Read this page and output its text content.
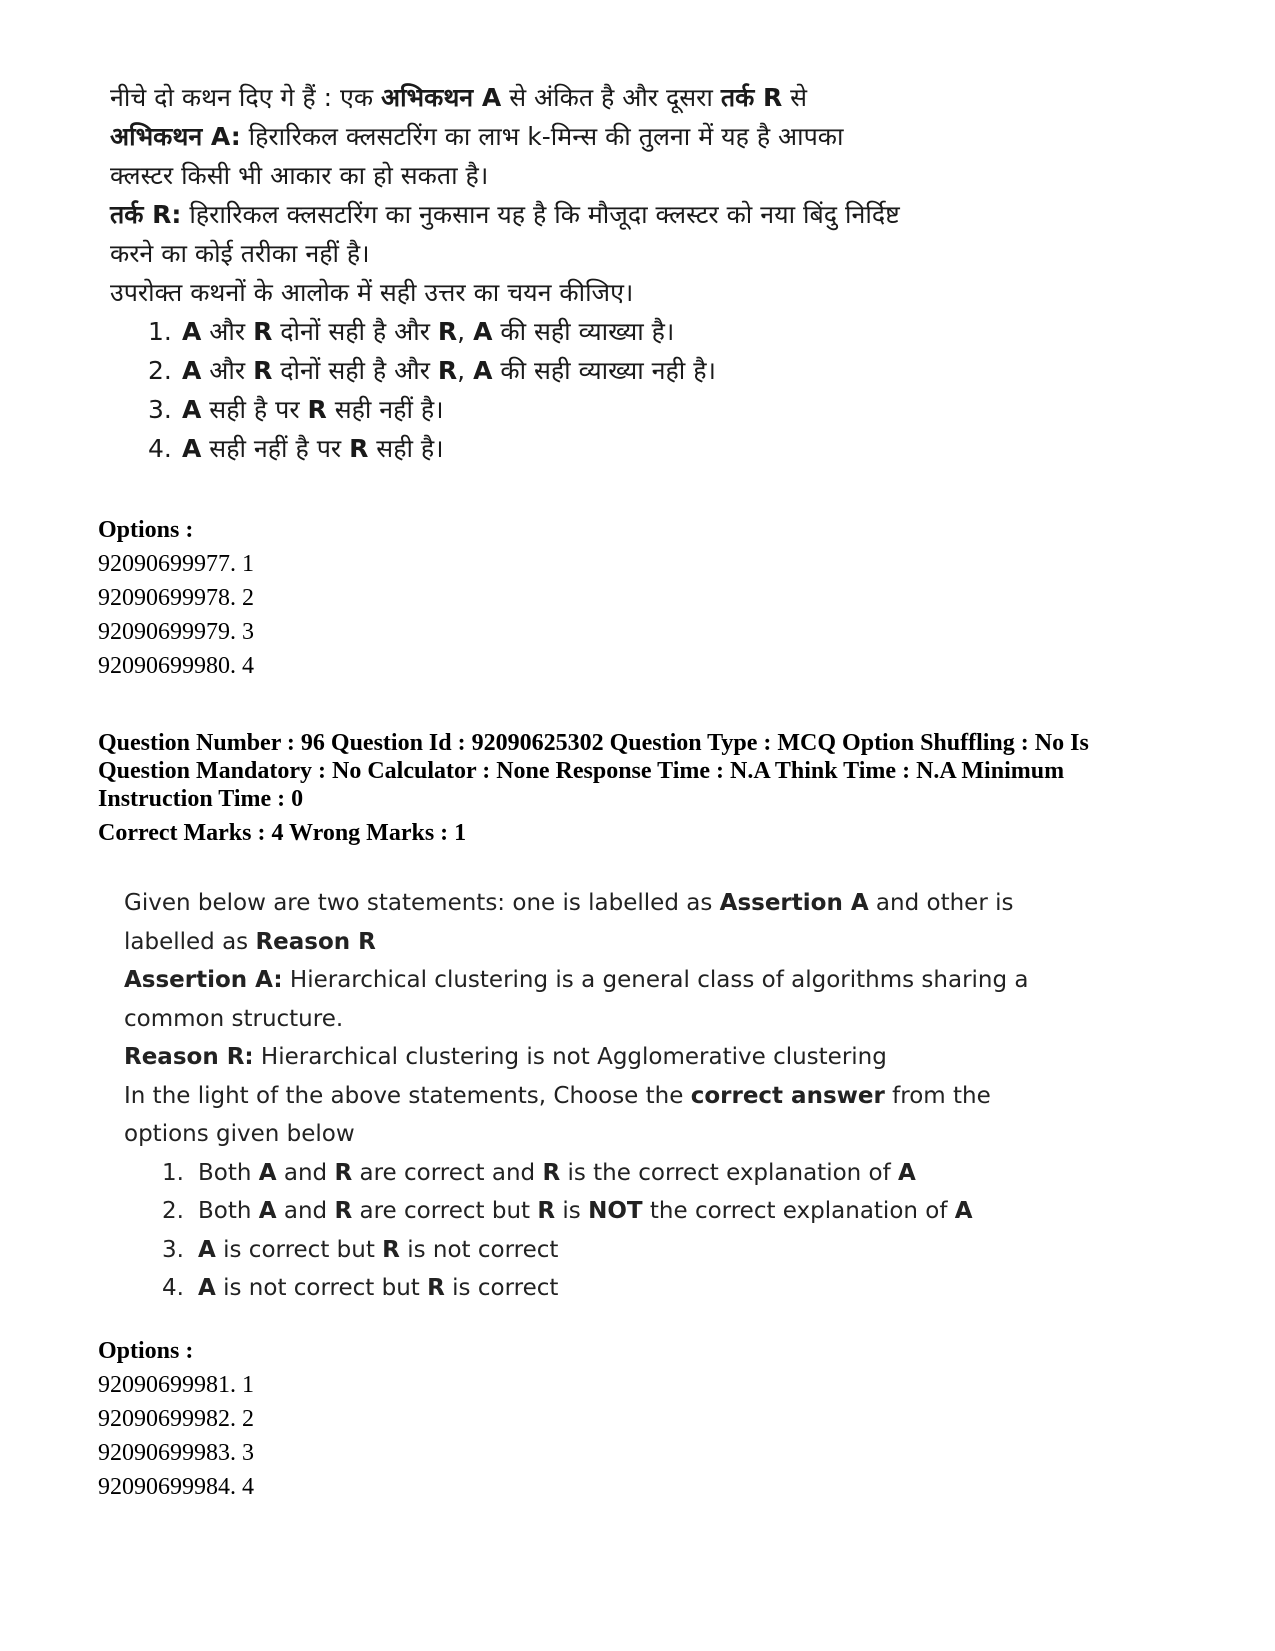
नीचे दो कथन दिए गे हैं : एक अभिकथन A से अंकित है और दूसरा तर्क R से
अभिकथन A: हिरारिकल क्लसटरिंग का लाभ k-मिन्स की तुलना में यह है आपका
क्लस्टर किसी भी आकार का हो सकता है।
तर्क R: हिरारिकल क्लसटरिंग का नुकसान यह है कि मौजूदा क्लस्टर को नया बिंदु निर्दिष्ट
करने का कोई तरीका नहीं है।
उपरोक्त कथनों के आलोक में सही उत्तर का चयन कीजिए।
1. A और R दोनों सही है और R, A की सही व्याख्या है।
2. A और R दोनों सही है और R, A की सही व्याख्या नही है।
3. A सही है पर R सही नहीं है।
4. A सही नहीं है पर R सही है।
Options :
92090699977. 1
92090699978. 2
92090699979. 3
92090699980. 4
Question Number : 96 Question Id : 92090625302 Question Type : MCQ Option Shuffling : No Is
Question Mandatory : No Calculator : None Response Time : N.A Think Time : N.A Minimum
Instruction Time : 0
Correct Marks : 4 Wrong Marks : 1
Given below are two statements: one is labelled as Assertion A and other is
labelled as Reason R
Assertion A: Hierarchical clustering is a general class of algorithms sharing a
common structure.
Reason R: Hierarchical clustering is not Agglomerative clustering
In the light of the above statements, Choose the correct answer from the
options given below
1. Both A and R are correct and R is the correct explanation of A
2. Both A and R are correct but R is NOT the correct explanation of A
3. A is correct but R is not correct
4. A is not correct but R is correct
Options :
92090699981. 1
92090699982. 2
92090699983. 3
92090699984. 4
